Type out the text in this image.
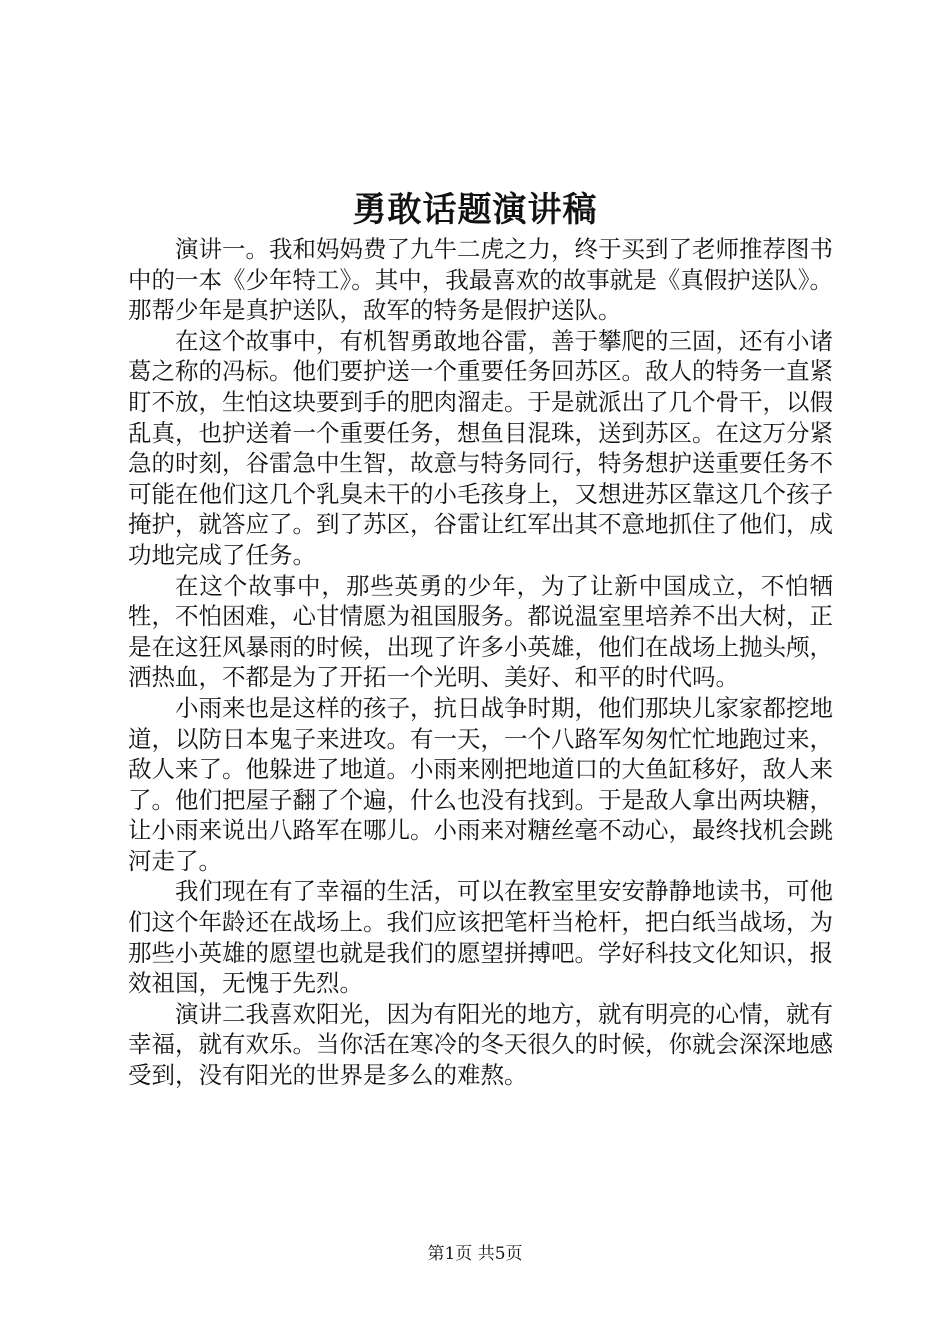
勇敢话题演讲稿

演讲一。我和妈妈费了九牛二虎之力，终于买到了老师推荐图书中的一本《少年特工》。其中，我最喜欢的故事就是《真假护送队》。那帮少年是真护送队，敌军的特务是假护送队。

在这个故事中，有机智勇敢地谷雷，善于攀爬的三固，还有小诸葛之称的冯标。他们要护送一个重要任务回苏区。敌人的特务一直紧盯不放，生怕这块要到手的肥肉溜走。于是就派出了几个骨干，以假乱真，也护送着一个重要任务，想鱼目混珠，送到苏区。在这万分紧急的时刻，谷雷急中生智，故意与特务同行，特务想护送重要任务不可能在他们这几个乳臭未干的小毛孩身上，又想进苏区靠这几个孩子掩护，就答应了。到了苏区，谷雷让红军出其不意地抓住了他们，成功地完成了任务。

在这个故事中，那些英勇的少年，为了让新中国成立，不怕牺牲，不怕困难，心甘情愿为祖国服务。都说温室里培养不出大树，正是在这狂风暴雨的时候，出现了许多小英雄，他们在战场上抛头颅，洒热血，不都是为了开拓一个光明、美好、和平的时代吗。

小雨来也是这样的孩子，抗日战争时期，他们那块儿家家都挖地道，以防日本鬼子来进攻。有一天，一个八路军匆匆忙忙地跑过来，敌人来了。他躲进了地道。小雨来刚把地道口的大鱼缸移好，敌人来了。他们把屋子翻了个遍，什么也没有找到。于是敌人拿出两块糖，让小雨来说出八路军在哪儿。小雨来对糖丝毫不动心，最终找机会跳河走了。

我们现在有了幸福的生活，可以在教室里安安静静地读书，可他们这个年龄还在战场上。我们应该把笔杆当枪杆，把白纸当战场，为那些小英雄的愿望也就是我们的愿望拼搏吧。学好科技文化知识，报效祖国，无愧于先烈。

演讲二我喜欢阳光，因为有阳光的地方，就有明亮的心情，就有幸福，就有欢乐。当你活在寒冷的冬天很久的时候，你就会深深地感受到，没有阳光的世界是多么的难熬。

第1页 共5页
